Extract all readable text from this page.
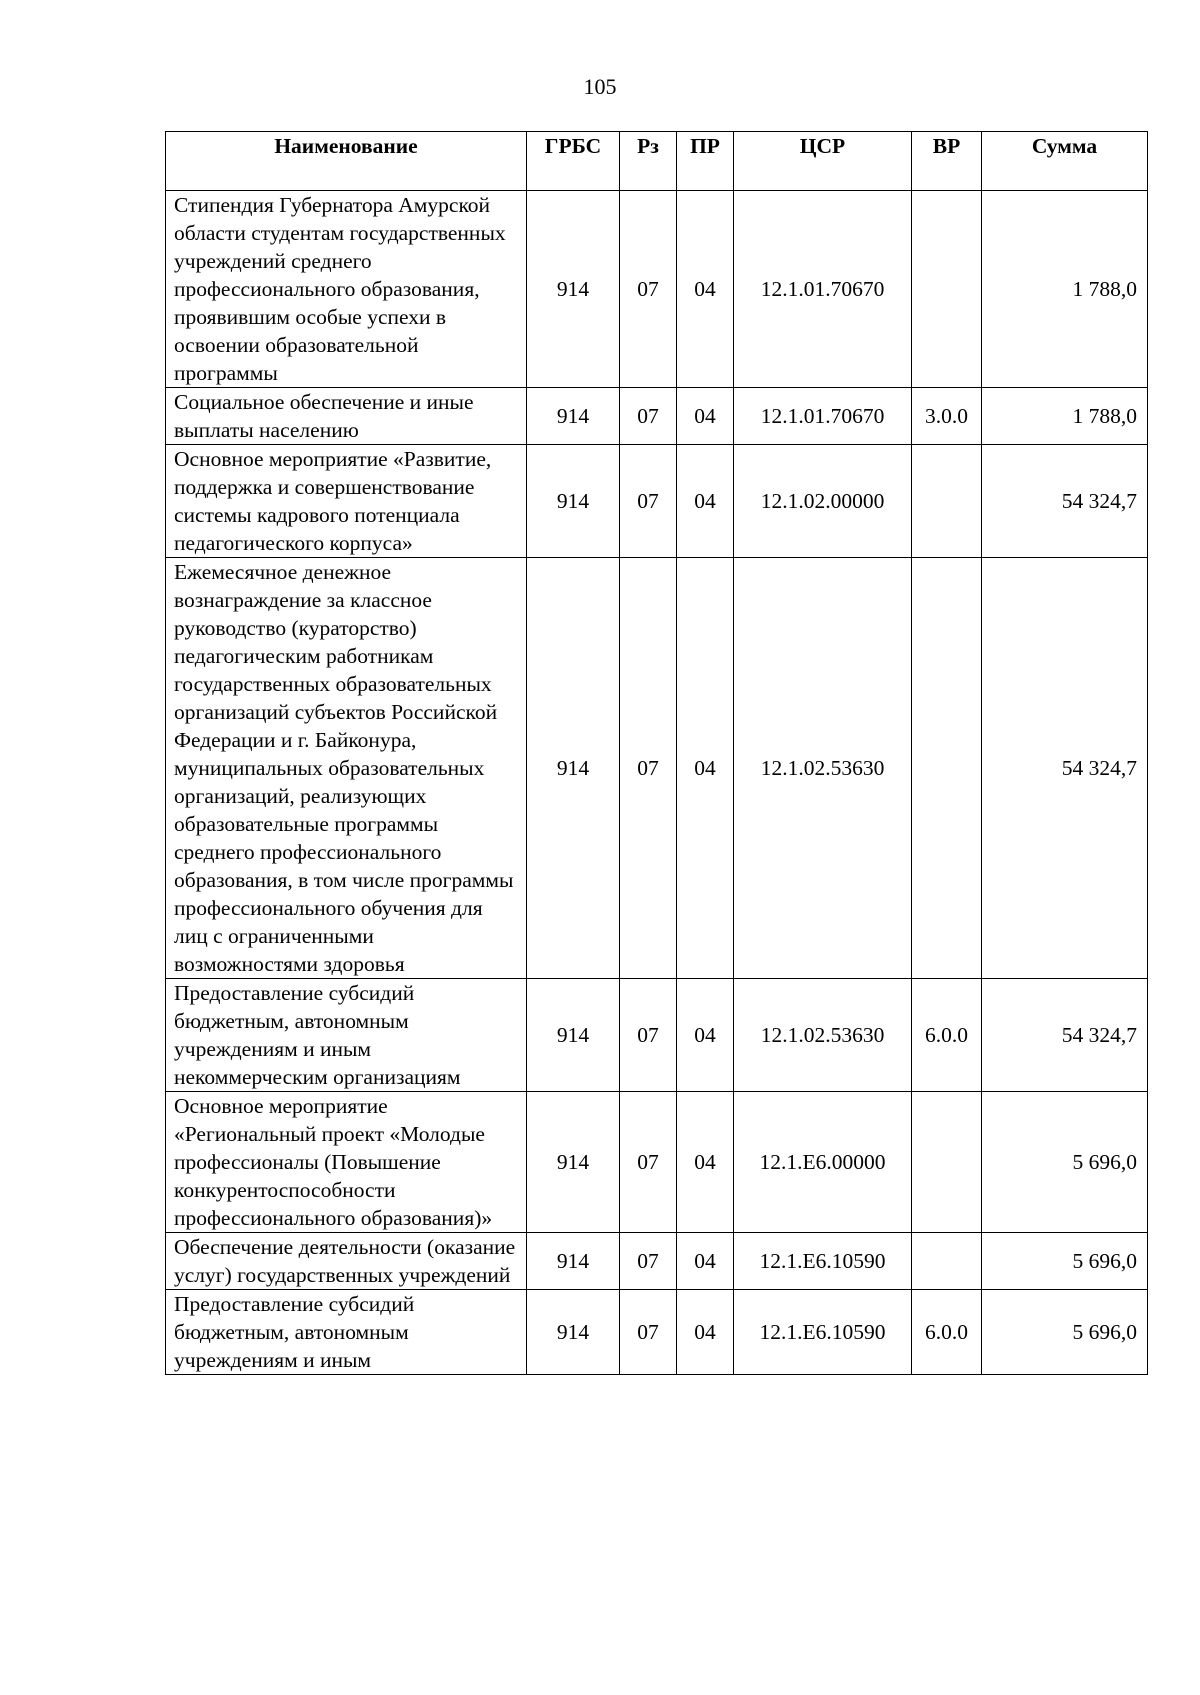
105
Наименование	ГРБС	Рз	ПР	ЦСР	ВР	Сумма
Стипендия Губернатора Амурской области студентам государственных учреждений среднего профессионального образования, проявившим особые успехи в освоении образовательной программы	914	07	04	12.1.01.70670		1 788,0
Социальное обеспечение и иные выплаты населению	914	07	04	12.1.01.70670	3.0.0	1 788,0
Основное мероприятие «Развитие, поддержка и совершенствование системы кадрового потенциала педагогического корпуса»	914	07	04	12.1.02.00000		54 324,7
Ежемесячное денежное вознаграждение за классное руководство (кураторство) педагогическим работникам государственных образовательных организаций субъектов Российской Федерации и г. Байконура, муниципальных образовательных организаций, реализующих образовательные программы среднего профессионального образования, в том числе программы профессионального обучения для лиц с ограниченными возможностями здоровья	914	07	04	12.1.02.53630		54 324,7
Предоставление субсидий бюджетным, автономным учреждениям и иным некоммерческим организациям	914	07	04	12.1.02.53630	6.0.0	54 324,7
Основное мероприятие «Региональный проект «Молодые профессионалы (Повышение конкурентоспособности профессионального образования)»	914	07	04	12.1.Е6.00000		5 696,0
Обеспечение деятельности (оказание услуг) государственных учреждений	914	07	04	12.1.Е6.10590		5 696,0
Предоставление субсидий бюджетным, автономным учреждениям и иным	914	07	04	12.1.Е6.10590	6.0.0	5 696,0
